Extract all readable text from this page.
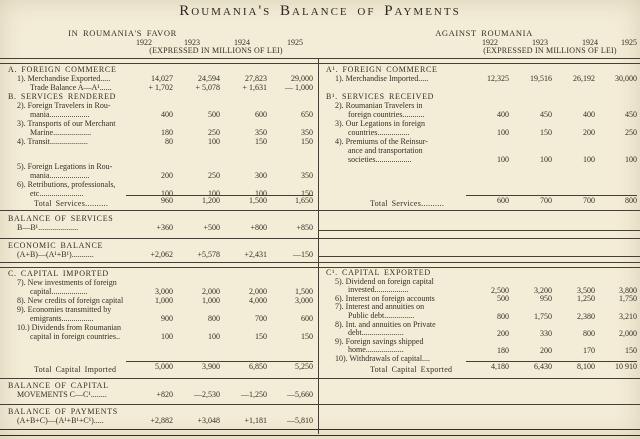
Roumania's Balance of Payments
IN ROUMANIA'S FAVOR	AGAINST ROUMANIA
1922	1923	1924	1925	1922	1923	1924	1925
(EXPRESSED IN MILLIONS OF LEI)	(EXPRESSED IN MILLIONS OF LEI)
A. FOREIGN COMMERCE
1). Merchandise Exported.....	14,027	24,594	27,823	29,000
Trade Balance A—A¹......	+ 1,702	+ 5,078	+ 1,631	— 1,000
B. SERVICES RENDERED
2). Foreign Travelers in Rou-
mania....................	400	500	600	650
3). Transports of our Merchant
Marine...................	180	250	350	350
4). Transit...................	80	100	150	150
5). Foreign Legations in Rou-
mania....................	200	250	300	350
6). Retributions, professionals,
etc......................	100	100	100	150
Total Services..........	960	1,200	1,500	1,650
BALANCE OF SERVICES
B—B¹....................	+360	+500	+800	+850
ECONOMIC BALANCE
(A+B)—(A¹+B¹)...........	+2,062	+5,578	+2,431	—150
C. CAPITAL IMPORTED
7). New investments of foreign
capital..................	3,000	2,000	2,000	1,500
8). New credits of foreign capital	1,000	1,000	4,000	3,000
9). Economies transmitted by
emigrants................	900	800	700	600
10.) Dividends from Roumanian
capital in foreign countries..	100	100	150	150
Total Capital Imported	5,000	3,900	6,850	5,250
BALANCE OF CAPITAL
MOVEMENTS C—C¹........	+820	—2,530	—1,250	—5,660
BALANCE OF PAYMENTS
(A+B+C)—(A¹+B¹+C¹).....	+2,882	+3,048	+1,181	—5,810
A¹. FOREIGN COMMERCE
1). Merchandise Imported.....	12,325	19,516	26,192	30,000
B¹. SERVICES RECEIVED
2). Roumanian Travelers in
foreign countries...........	400	450	400	450
3). Our Legations in foreign
countries................	100	150	200	250
4). Premiums of the Reinsur-
ance and transportation
societies..................	100	100	100	100
Total Services..........	600	700	700	800
C¹. CAPITAL EXPORTED
5). Dividend on foreign capital
invested.................	2,500	3,200	3,500	3,800
6). Interest on foreign accounts	500	950	1,250	1,750
7). Interest and annuities on
Public debt...............	800	1,750	2,380	3,210
8). Int. and annuities on Private
debt.....................	200	330	800	2,000
9). Foreign savings shipped
home...................	180	200	170	150
10). Withdrawals of capital....	....	....	....	....
Total Capital Exported	4,180	6,430	8,100	10 910
